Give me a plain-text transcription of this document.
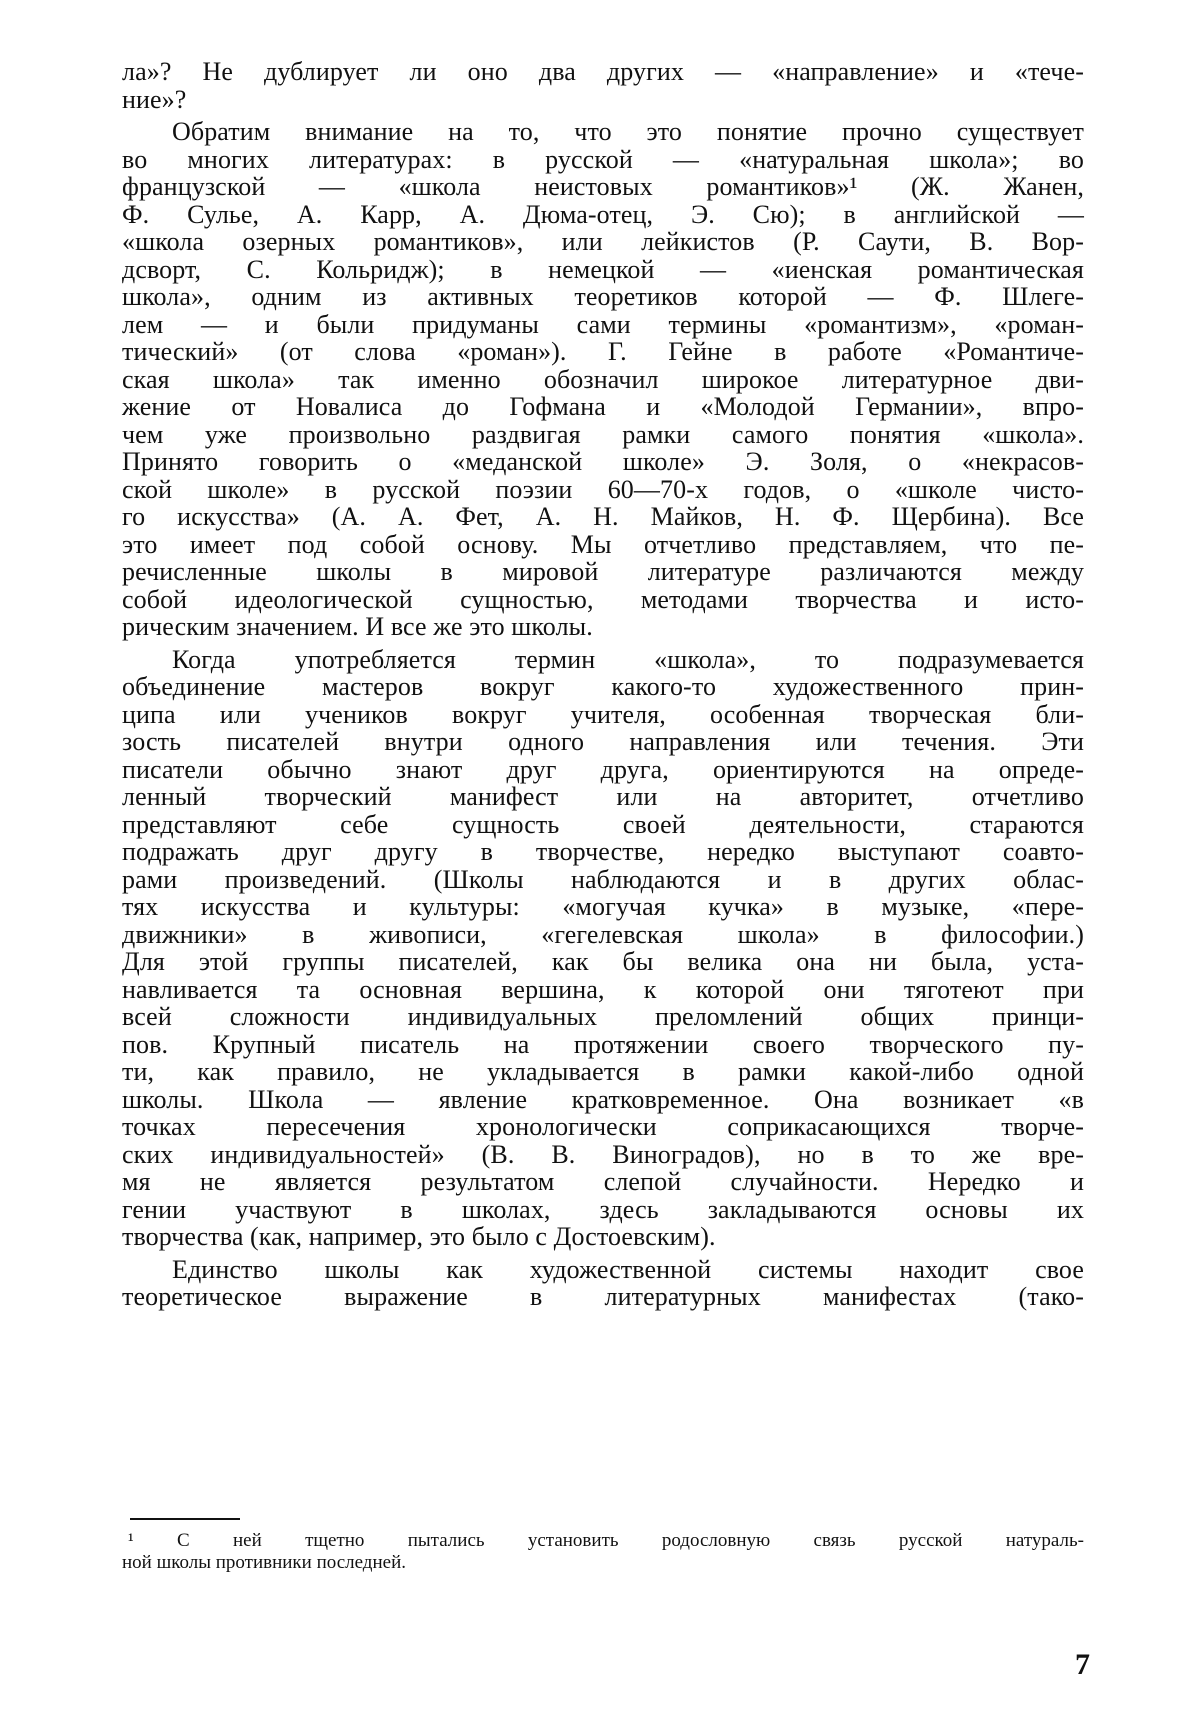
ла»? Не дублирует ли оно два других — «направление» и «тече-
ние»?
Обратим внимание на то, что это понятие прочно существует
во многих литературах: в русской — «натуральная школа»; во
французской — «школа неистовых романтиков»¹ (Ж. Жанен,
Ф. Сулье, А. Карр, А. Дюма-отец, Э. Сю); в английской —
«школа озерных романтиков», или лейкистов (Р. Саути, В. Вор-
дсворт, С. Кольридж); в немецкой — «иенская романтическая
школа», одним из активных теоретиков которой — Ф. Шлеге-
лем — и были придуманы сами термины «романтизм», «роман-
тический» (от слова «роман»). Г. Гейне в работе «Романтиче-
ская школа» так именно обозначил широкое литературное дви-
жение от Новалиса до Гофмана и «Молодой Германии», впро-
чем уже произвольно раздвигая рамки самого понятия «школа».
Принято говорить о «меданской школе» Э. Золя, о «некрасов-
ской школе» в русской поэзии 60—70-х годов, о «школе чисто-
го искусства» (А. А. Фет, А. Н. Майков, Н. Ф. Щербина). Все
это имеет под собой основу. Мы отчетливо представляем, что пе-
речисленные школы в мировой литературе различаются между
собой идеологической сущностью, методами творчества и исто-
рическим значением. И все же это школы.
Когда употребляется термин «школа», то подразумевается
объединение мастеров вокруг какого-то художественного прин-
ципа или учеников вокруг учителя, особенная творческая бли-
зость писателей внутри одного направления или течения. Эти
писатели обычно знают друг друга, ориентируются на опреде-
ленный творческий манифест или на авторитет, отчетливо
представляют себе сущность своей деятельности, стараются
подражать друг другу в творчестве, нередко выступают соавто-
рами произведений. (Школы наблюдаются и в других облас-
тях искусства и культуры: «могучая кучка» в музыке, «пере-
движники» в живописи, «гегелевская школа» в философии.)
Для этой группы писателей, как бы велика она ни была, уста-
навливается та основная вершина, к которой они тяготеют при
всей сложности индивидуальных преломлений общих принци-
пов. Крупный писатель на протяжении своего творческого пу-
ти, как правило, не укладывается в рамки какой-либо одной
школы. Школа — явление кратковременное. Она возникает «в
точках пересечения хронологически соприкасающихся творче-
ских индивидуальностей» (В. В. Виноградов), но в то же вре-
мя не является результатом слепой случайности. Нередко и
гении участвуют в школах, здесь закладываются основы их
творчества (как, например, это было с Достоевским).
Единство школы как художественной системы находит свое
теоретическое выражение в литературных манифестах (тако-
¹ С ней тщетно пытались установить родословную связь русской натураль-
ной школы противники последней.
7
